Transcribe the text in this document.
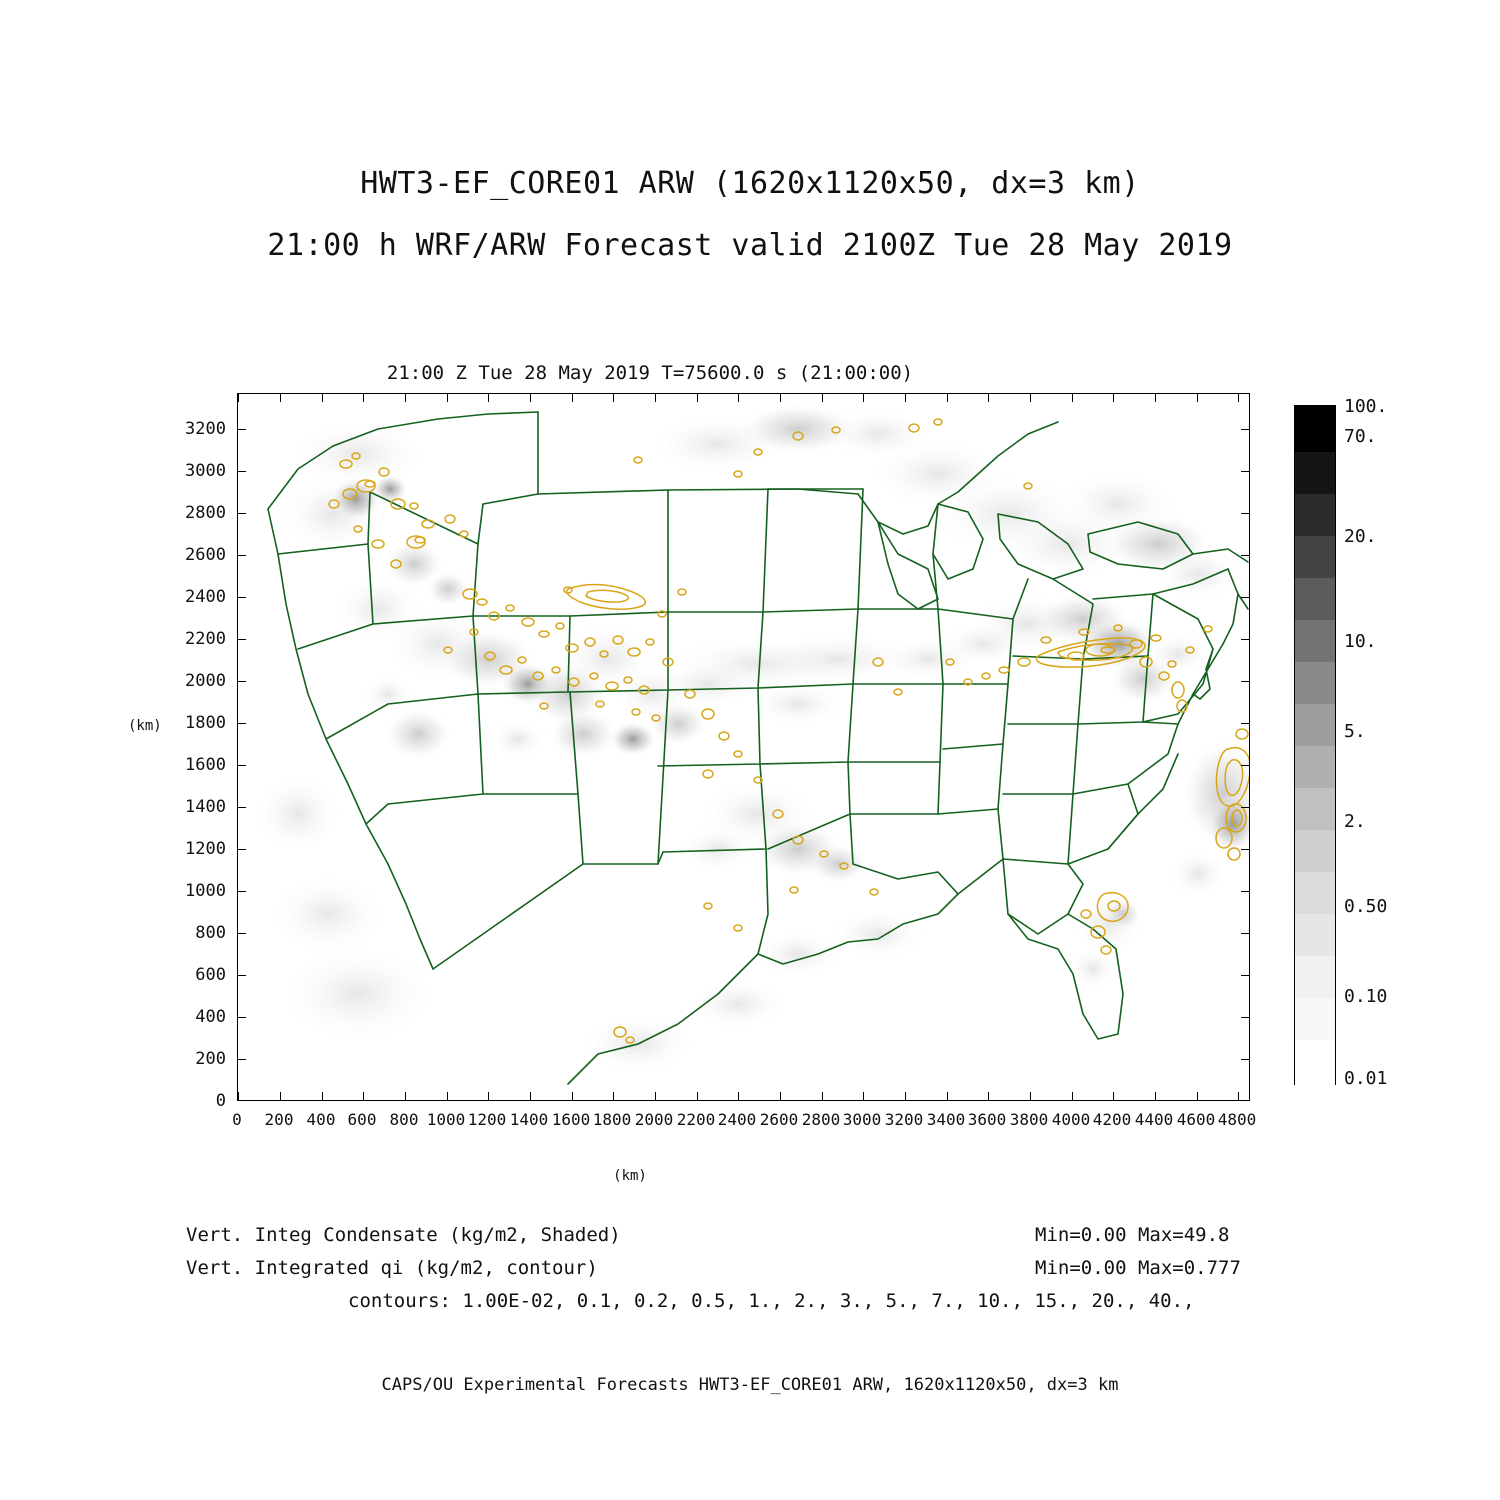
HWT3-EF_CORE01 ARW (1620x1120x50, dx=3 km)
21:00 h WRF/ARW Forecast valid 2100Z Tue 28 May 2019
21:00 Z Tue 28 May 2019 T=75600.0 s (21:00:00)
(km)
(km)
0
200
400
600
800
1000
1200
1400
1600
1800
2000
2200
2400
2600
2800
3000
3200
0	200 400 600 800 1000 1200 1400 1600 1800 2000 2200 2400 2600 2800 3000 3200 3400 3600 3800 4000 4200 4400 4600 4800
100.
70.
20.
10.
5.
2.
0.50
0.10
0.01
Vert. Integ Condensate (kg/m2, Shaded)
Vert. Integrated qi (kg/m2, contour)
Min=0.00 Max=49.8
Min=0.00 Max=0.777
contours: 1.00E-02, 0.1, 0.2, 0.5, 1., 2., 3., 5., 7., 10., 15., 20., 40.,
CAPS/OU Experimental Forecasts HWT3-EF_CORE01 ARW, 1620x1120x50, dx=3 km
